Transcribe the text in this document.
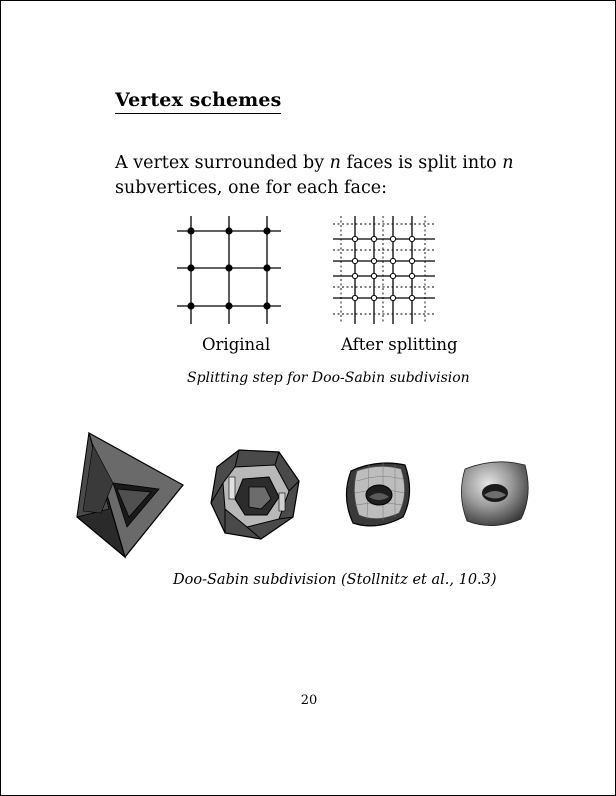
Vertex schemes
A vertex surrounded by n faces is split into n
subvertices, one for each face:
Original	After splitting
Splitting step for Doo-Sabin subdivision
Doo-Sabin subdivision (Stollnitz et al., 10.3)
20
